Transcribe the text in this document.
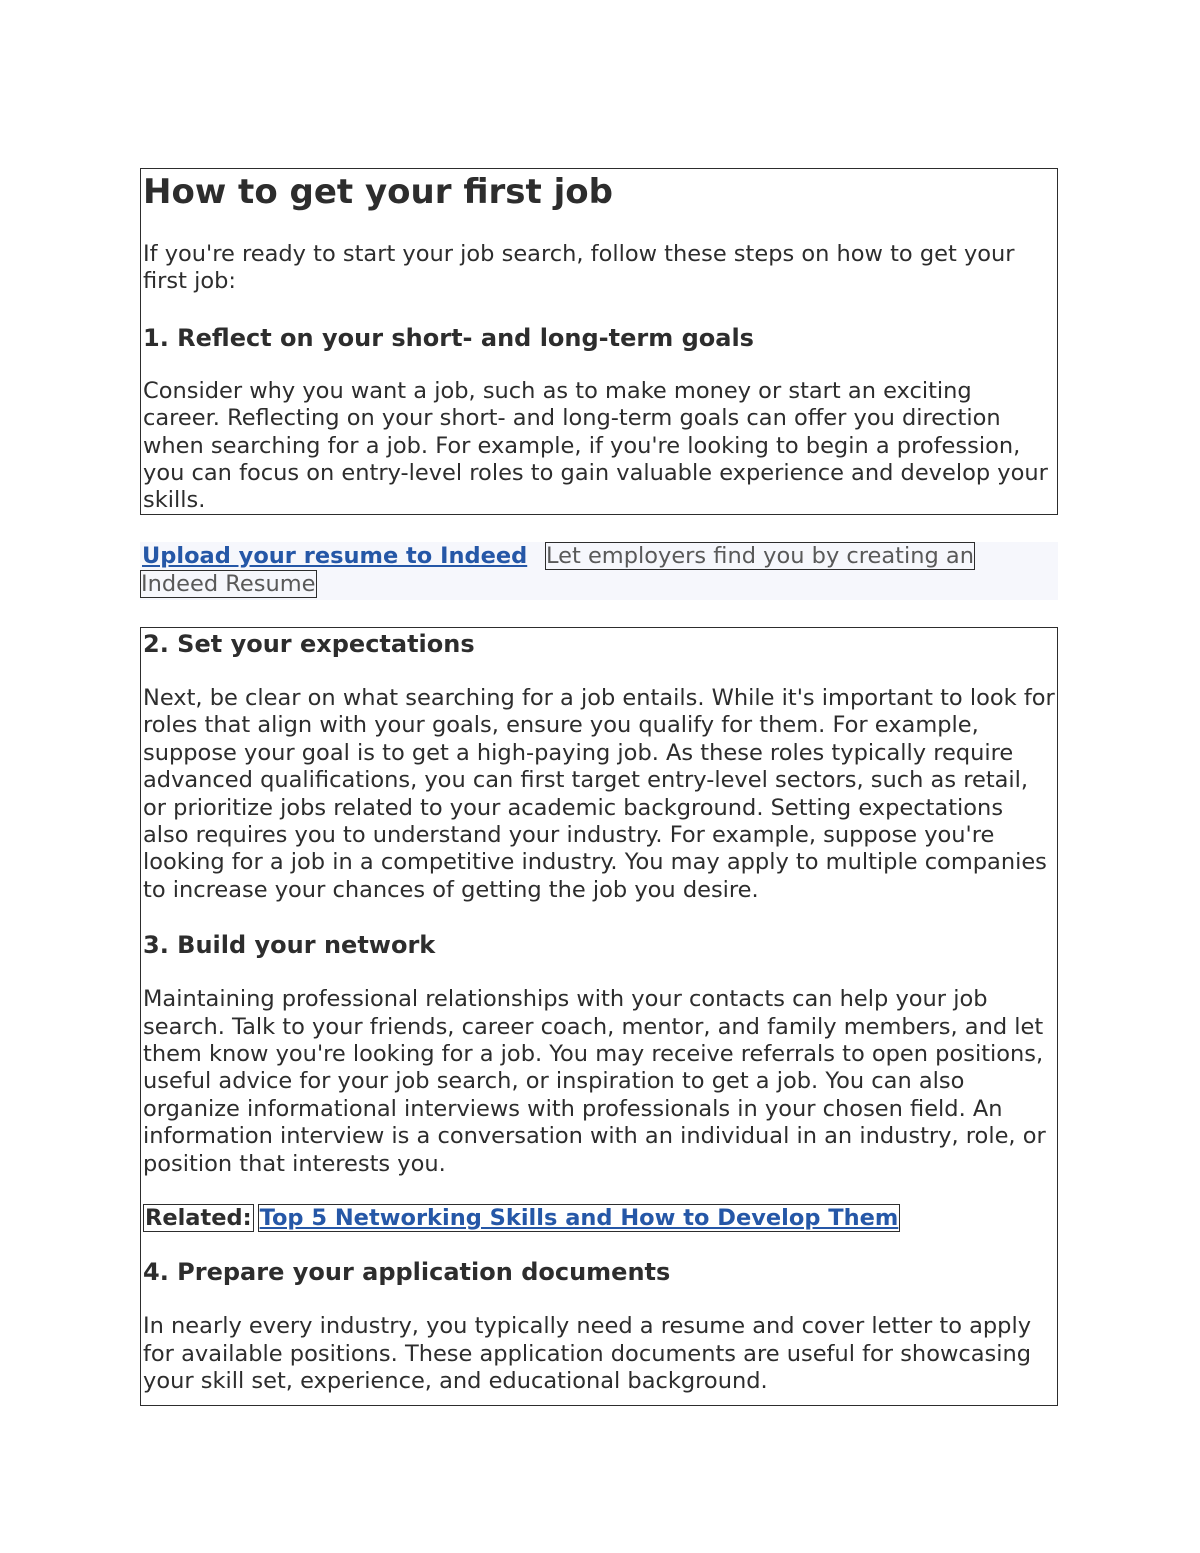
How to get your first job

If you're ready to start your job search, follow these steps on how to get your first job:

1. Reflect on your short- and long-term goals

Consider why you want a job, such as to make money or start an exciting career. Reflecting on your short- and long-term goals can offer you direction when searching for a job. For example, if you're looking to begin a profession, you can focus on entry-level roles to gain valuable experience and develop your skills.

Upload your resume to Indeed Let employers find you by creating an
Indeed Resume
2. Set your expectations

Next, be clear on what searching for a job entails. While it's important to look for roles that align with your goals, ensure you qualify for them. For example, suppose your goal is to get a high-paying job. As these roles typically require advanced qualifications, you can first target entry-level sectors, such as retail, or prioritize jobs related to your academic background. Setting expectations also requires you to understand your industry. For example, suppose you're looking for a job in a competitive industry. You may apply to multiple companies to increase your chances of getting the job you desire.

3. Build your network

Maintaining professional relationships with your contacts can help your job search. Talk to your friends, career coach, mentor, and family members, and let them know you're looking for a job. You may receive referrals to open positions, useful advice for your job search, or inspiration to get a job. You can also organize informational interviews with professionals in your chosen field. An information interview is a conversation with an individual in an industry, role, or position that interests you.

Related: Top 5 Networking Skills and How to Develop Them

4. Prepare your application documents

In nearly every industry, you typically need a resume and cover letter to apply for available positions. These application documents are useful for showcasing your skill set, experience, and educational background.
